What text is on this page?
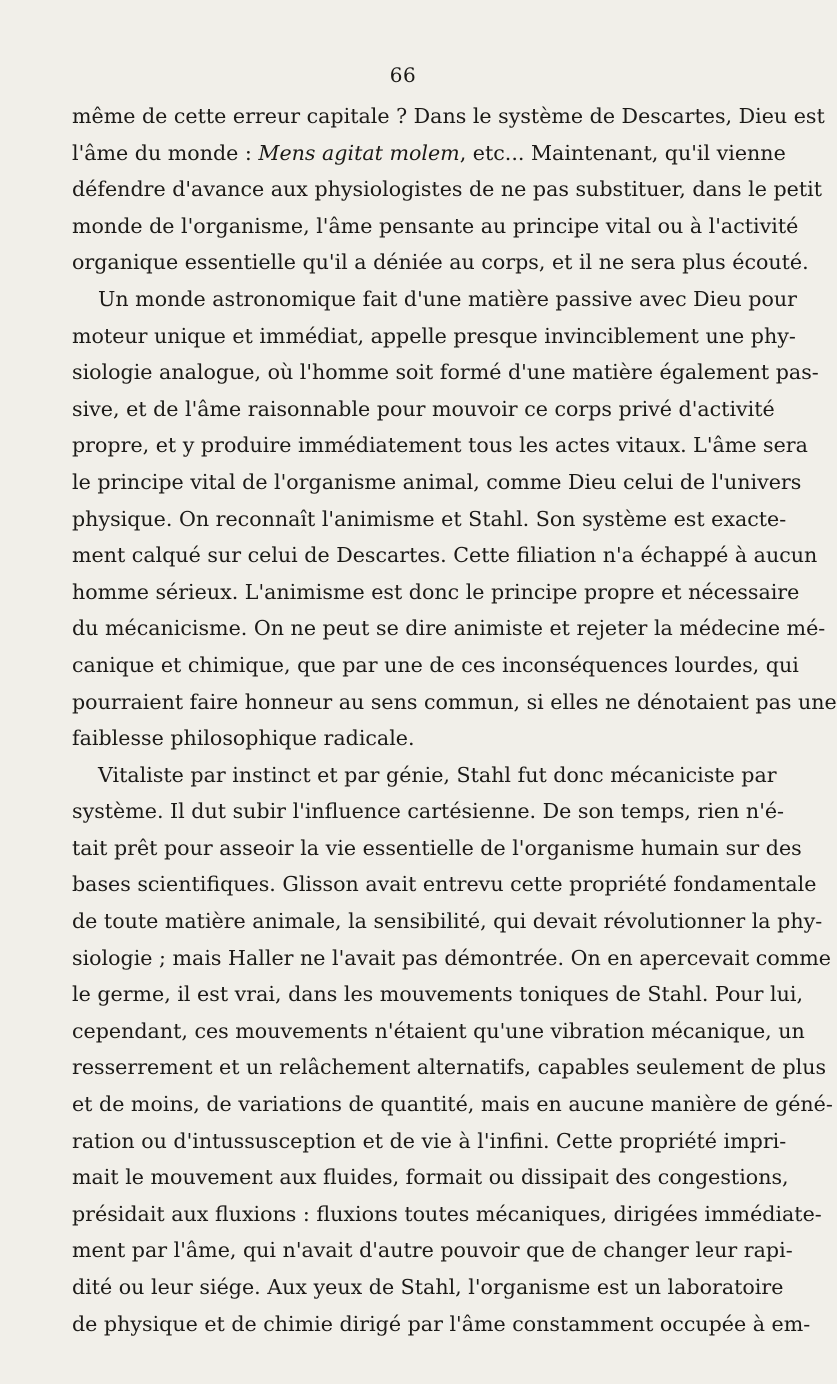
66
même de cette erreur capitale ? Dans le système de Descartes, Dieu est
l'âme du monde : Mens agitat molem, etc... Maintenant, qu'il vienne
défendre d'avance aux physiologistes de ne pas substituer, dans le petit
monde de l'organisme, l'âme pensante au principe vital ou à l'activité
organique essentielle qu'il a déniée au corps, et il ne sera plus écouté.
Un monde astronomique fait d'une matière passive avec Dieu pour
moteur unique et immédiat, appelle presque invinciblement une phy-
siologie analogue, où l'homme soit formé d'une matière également pas-
sive, et de l'âme raisonnable pour mouvoir ce corps privé d'activité
propre, et y produire immédiatement tous les actes vitaux. L'âme sera
le principe vital de l'organisme animal, comme Dieu celui de l'univers
physique. On reconnaît l'animisme et Stahl. Son système est exacte-
ment calqué sur celui de Descartes. Cette filiation n'a échappé à aucun
homme sérieux. L'animisme est donc le principe propre et nécessaire
du mécanicisme. On ne peut se dire animiste et rejeter la médecine mé-
canique et chimique, que par une de ces inconséquences lourdes, qui
pourraient faire honneur au sens commun, si elles ne dénotaient pas une
faiblesse philosophique radicale.
Vitaliste par instinct et par génie, Stahl fut donc mécaniciste par
système. Il dut subir l'influence cartésienne. De son temps, rien n'é-
tait prêt pour asseoir la vie essentielle de l'organisme humain sur des
bases scientifiques. Glisson avait entrevu cette propriété fondamentale
de toute matière animale, la sensibilité, qui devait révolutionner la phy-
siologie ; mais Haller ne l'avait pas démontrée. On en apercevait comme
le germe, il est vrai, dans les mouvements toniques de Stahl. Pour lui,
cependant, ces mouvements n'étaient qu'une vibration mécanique, un
resserrement et un relâchement alternatifs, capables seulement de plus
et de moins, de variations de quantité, mais en aucune manière de géné-
ration ou d'intussusception et de vie à l'infini. Cette propriété impri-
mait le mouvement aux fluides, formait ou dissipait des congestions,
présidait aux fluxions : fluxions toutes mécaniques, dirigées immédiate-
ment par l'âme, qui n'avait d'autre pouvoir que de changer leur rapi-
dité ou leur siége. Aux yeux de Stahl, l'organisme est un laboratoire
de physique et de chimie dirigé par l'âme constamment occupée à em-
